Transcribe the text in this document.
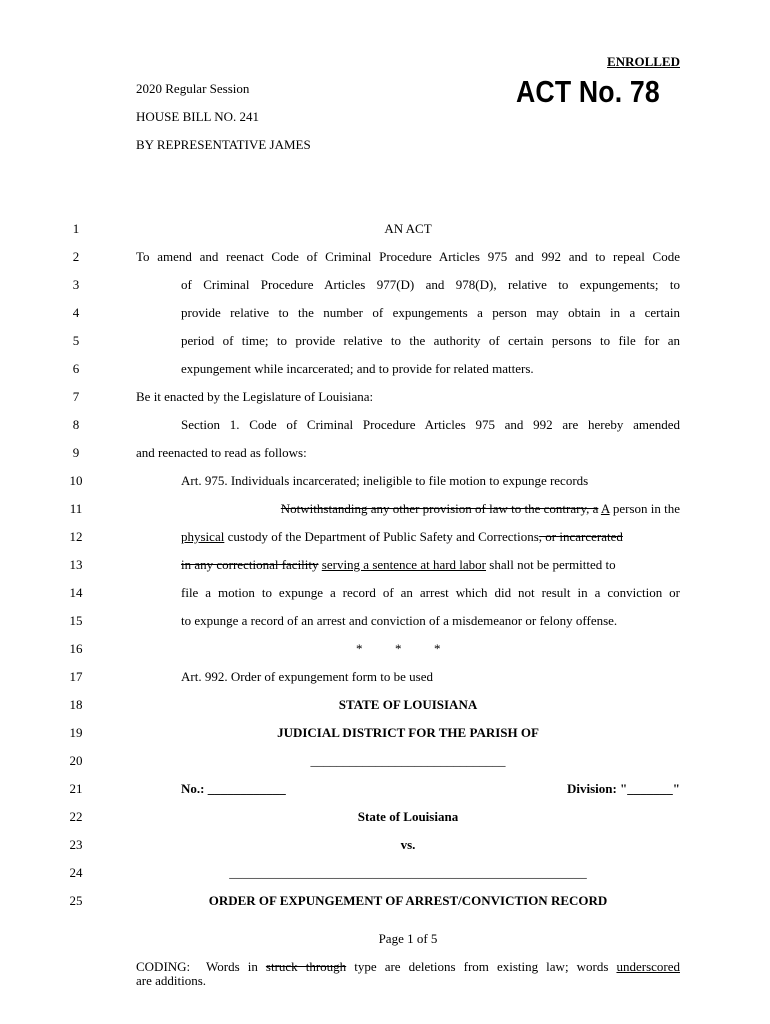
ENROLLED
2020 Regular Session	ACT No. 78
HOUSE BILL NO. 241
BY REPRESENTATIVE JAMES
1
2
3
4
5
6
7
8
9
10
11
12
13
14
15
16
17
18
19
20
21
22
23
24
25
AN ACT
To amend and reenact Code of Criminal Procedure Articles 975 and 992 and to repeal Code
of Criminal Procedure Articles 977(D) and 978(D), relative to expungements; to
provide relative to the number of expungements a person may obtain in a certain
period of time; to provide relative to the authority of certain persons to file for an
expungement while incarcerated; and to provide for related matters.
Be it enacted by the Legislature of Louisiana:
Section 1. Code of Criminal Procedure Articles 975 and 992 are hereby amended
and reenacted to read as follows:
Art. 975. Individuals incarcerated; ineligible to file motion to expunge records
Notwithstanding any other provision of law to the contrary, a A person in the
physical custody of the Department of Public Safety and Corrections, or incarcerated
in any correctional facility serving a sentence at hard labor shall not be permitted to
file a motion to expunge a record of an arrest which did not result in a conviction or
to expunge a record of an arrest and conviction of a misdemeanor or felony offense.
*          *          *
Art. 992. Order of expungement form to be used
STATE OF LOUISIANA
JUDICIAL DISTRICT FOR THE PARISH OF
______________________________
No.: ____________	Division: "_______"
State of Louisiana
vs.
_______________________________________________________
ORDER OF EXPUNGEMENT OF ARREST/CONVICTION RECORD
Page 1 of 5
CODING:  Words in struck through type are deletions from existing law; words underscored
are additions.
